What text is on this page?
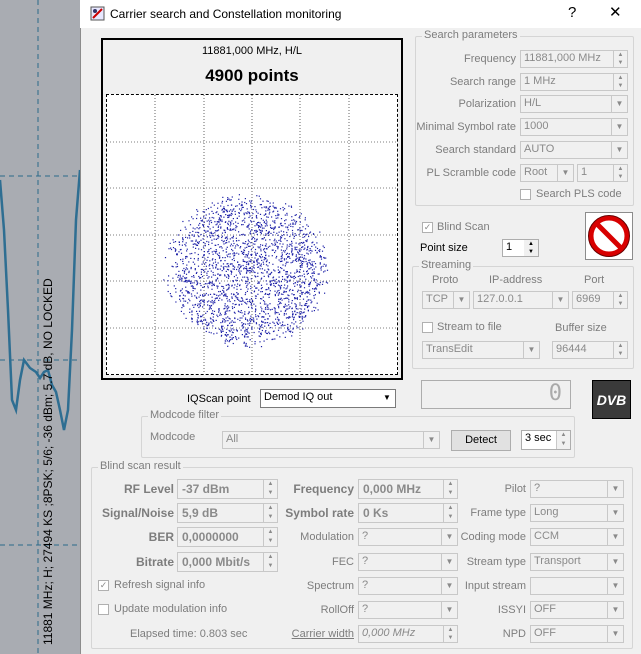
11881 MHz; H; 27494 KS ;8PSK; 5/6; -36 dBm; 5.7 dB, NO LOCKED
Carrier search and Constellation monitoring	? ✕
11881,000 MHz, H/L
4900 points
IQScan point	Demod IQ out	▼
Modcode filter
Modcode	All	▼	Detect	3 sec	▲
▼
Search parameters
Frequency 11881,000 MHz	▲
▼
Search range 1 MHz	▲
▼
Polarization H/L	▼
Minimal Symbol rate 1000	▼
Search standard AUTO	▼
PL Scramble code Root	▼	1	▲
▼
Search PLS code
✓ Blind Scan
Point size	1	▲
▼
Streaming
Proto	IP-address	Port
TCP	▼	127.0.0.1	▼	6969	▲
▼
Stream to file	Buffer size
TransEdit	▼	96444	▲
▼
0	DVB
Blind scan result
RF Level -37 dBm	▲
▼
Signal/Noise 5,9 dB	▲
▼
BER 0,0000000	▲
▼
Bitrate 0,000 Mbit/s	▲
▼
Frequency 0,000 MHz	▲
▼
Symbol rate 0 Ks	▲
▼
Modulation ?	▼
FEC ?	▼
Spectrum ?	▼
RollOff ?	▼
Carrier width 0,000 MHz	▲
▼
Pilot ?	▼
Frame type Long	▼
Coding mode CCM	▼
Stream type Transport	▼
Input stream	▼
ISSYI OFF	▼
NPD OFF	▼
✓ Refresh signal info
Update modulation info
Elapsed time: 0.803 sec
